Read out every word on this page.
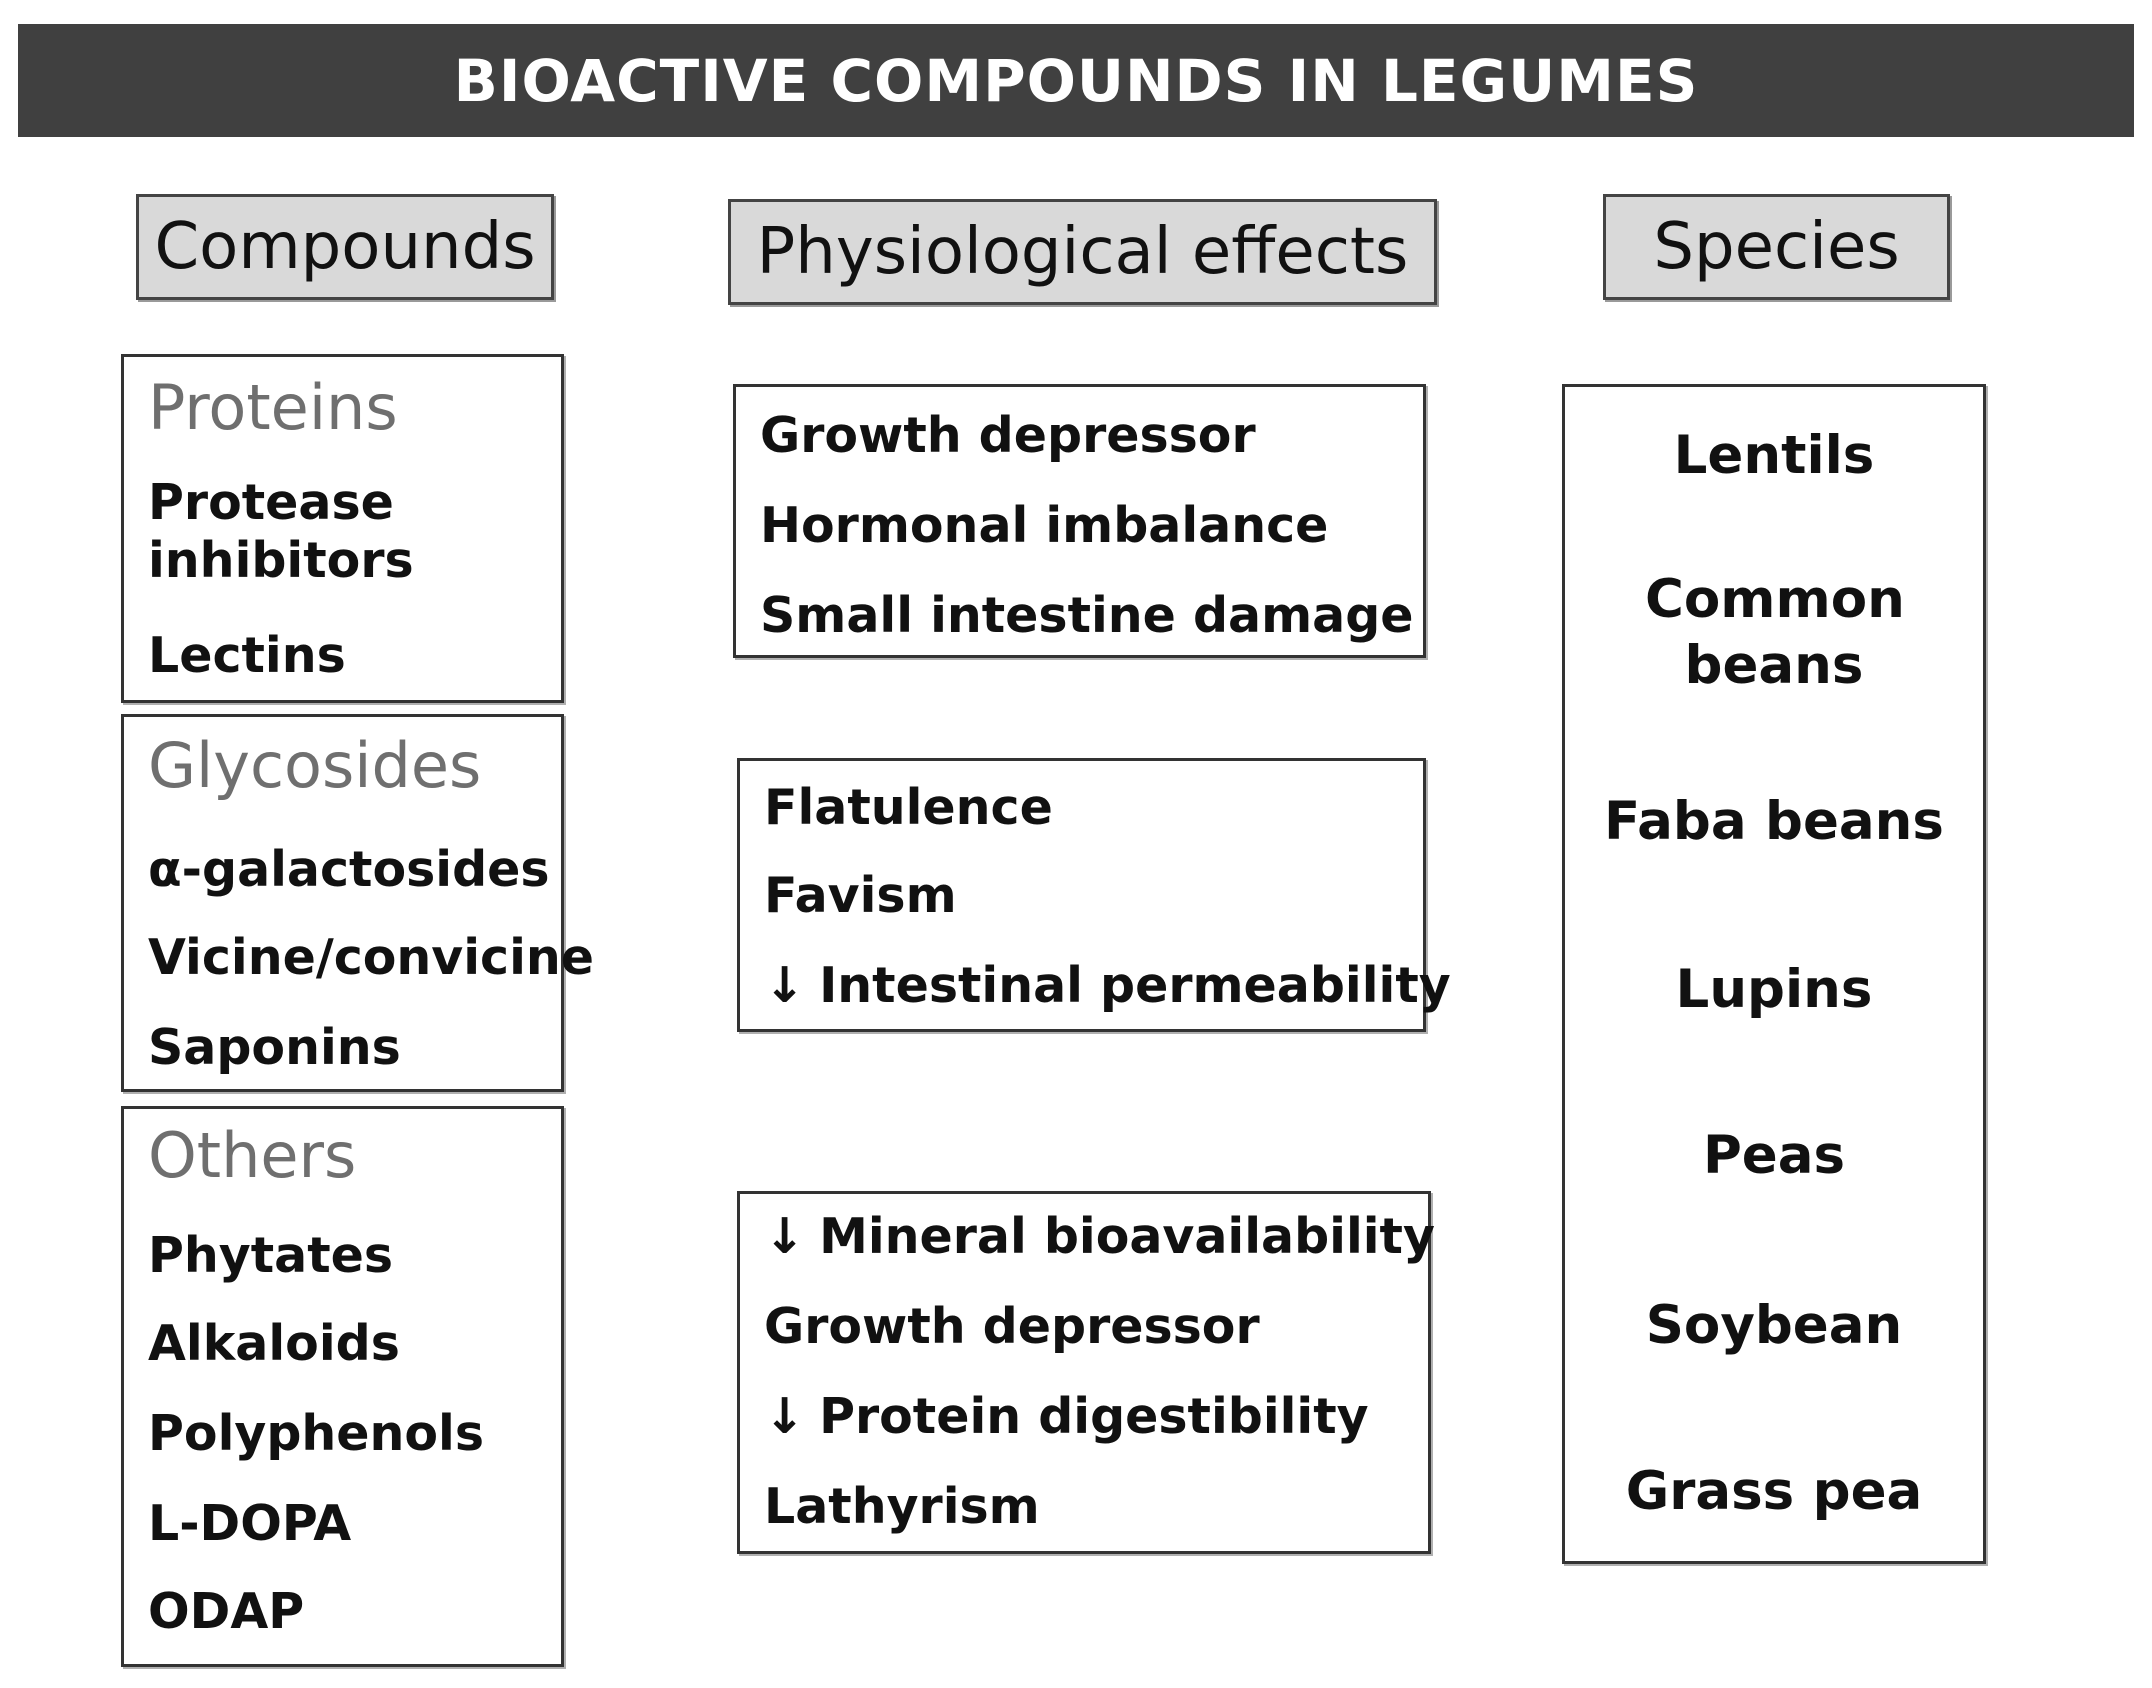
BIOACTIVE COMPOUNDS IN LEGUMES
Compounds	Physiological effects	Species
Proteins
Protease inhibitors
Lectins
Glycosides
α-galactosides
Vicine/convicine
Saponins
Others
Phytates
Alkaloids
Polyphenols
L-DOPA
ODAP
Growth depressor
Hormonal imbalance
Small intestine damage
Flatulence
Favism
↓ Intestinal permeability
↓ Mineral bioavailability
Growth depressor
↓ Protein digestibility
Lathyrism
Lentils
Common beans
Faba beans
Lupins
Peas
Soybean
Grass pea
